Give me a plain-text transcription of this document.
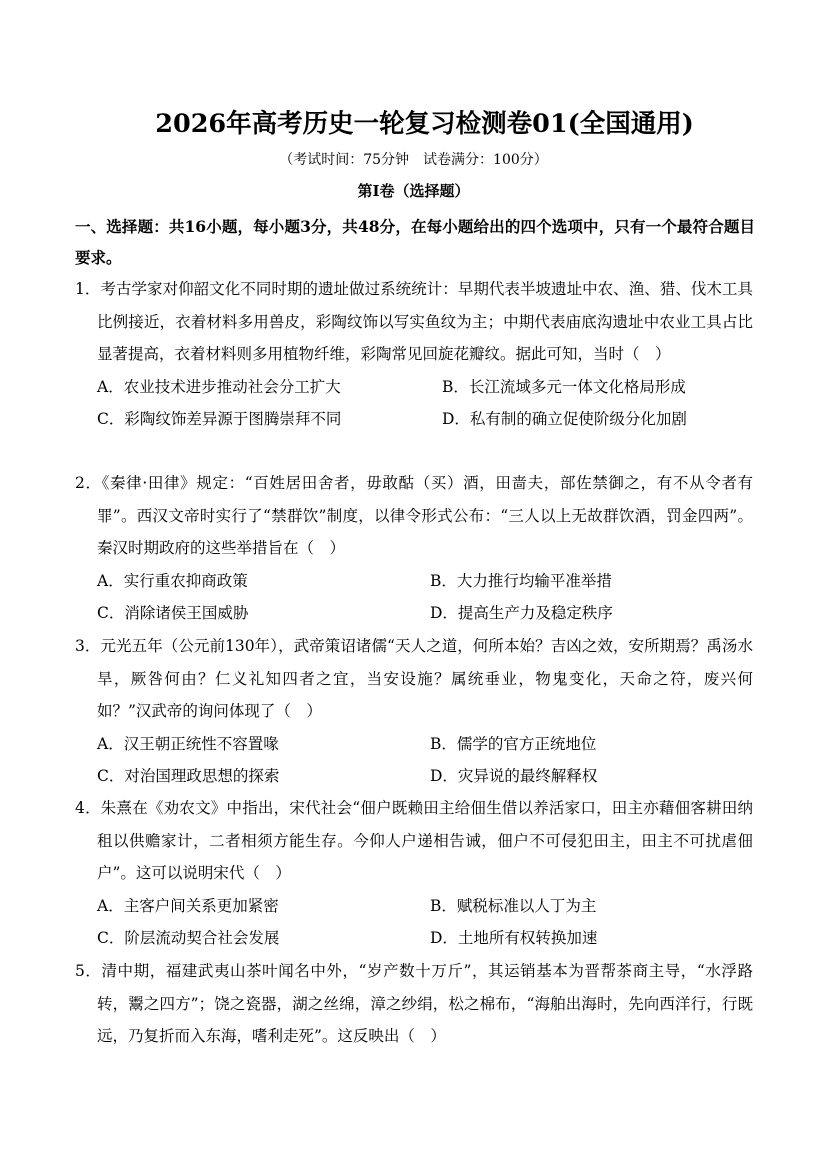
2026年高考历史一轮复习检测卷01(全国通用)
（考试时间：75分钟　试卷满分：100分）
第Ⅰ卷（选择题）
一、选择题：共16小题，每小题3分，共48分，在每小题给出的四个选项中，只有一个最符合题目要求。
1．考古学家对仰韶文化不同时期的遗址做过系统统计：早期代表半坡遗址中农、渔、猎、伐木工具比例接近，衣着材料多用兽皮，彩陶纹饰以写实鱼纹为主；中期代表庙底沟遗址中农业工具占比显著提高，衣着材料则多用植物纤维，彩陶常见回旋花瓣纹。据此可知，当时（　）
A．农业技术进步推动社会分工扩大	B．长江流域多元一体文化格局形成
C．彩陶纹饰差异源于图腾崇拜不同	D．私有制的确立促使阶级分化加剧
2．《秦律·田律》规定：“百姓居田舍者，毋敢酤（买）酒，田啬夫，部佐禁御之，有不从令者有罪”。西汉文帝时实行了“禁群饮”制度，以律令形式公布：“三人以上无故群饮酒，罚金四两”。秦汉时期政府的这些举措旨在（　）
A．实行重农抑商政策	B．大力推行均输平准举措
C．消除诸侯王国威胁	D．提高生产力及稳定秩序
3．元光五年（公元前130年），武帝策诏诸儒“天人之道，何所本始？吉凶之效，安所期焉？禹汤水旱，厥咎何由？仁义礼知四者之宜，当安设施？属统垂业，物鬼变化，天命之符，废兴何如？”汉武帝的询问体现了（　）
A．汉王朝正统性不容置喙	B．儒学的官方正统地位
C．对治国理政思想的探索	D．灾异说的最终解释权
4．朱熹在《劝农文》中指出，宋代社会“佃户既赖田主给佃生借以养活家口，田主亦藉佃客耕田纳租以供赡家计，二者相须方能生存。今仰人户递相告诫，佃户不可侵犯田主，田主不可扰虐佃户”。这可以说明宋代（　）
A．主客户间关系更加紧密	B．赋税标准以人丁为主
C．阶层流动契合社会发展	D．土地所有权转换加速
5．清中期，福建武夷山茶叶闻名中外，“岁产数十万斤”，其运销基本为晋帮茶商主导，“水浮路转，鬻之四方”；饶之瓷器，湖之丝绵，漳之纱绢，松之棉布，“海舶出海时，先向西洋行，行既远，乃复折而入东海，嗜利走死”。这反映出（　）
